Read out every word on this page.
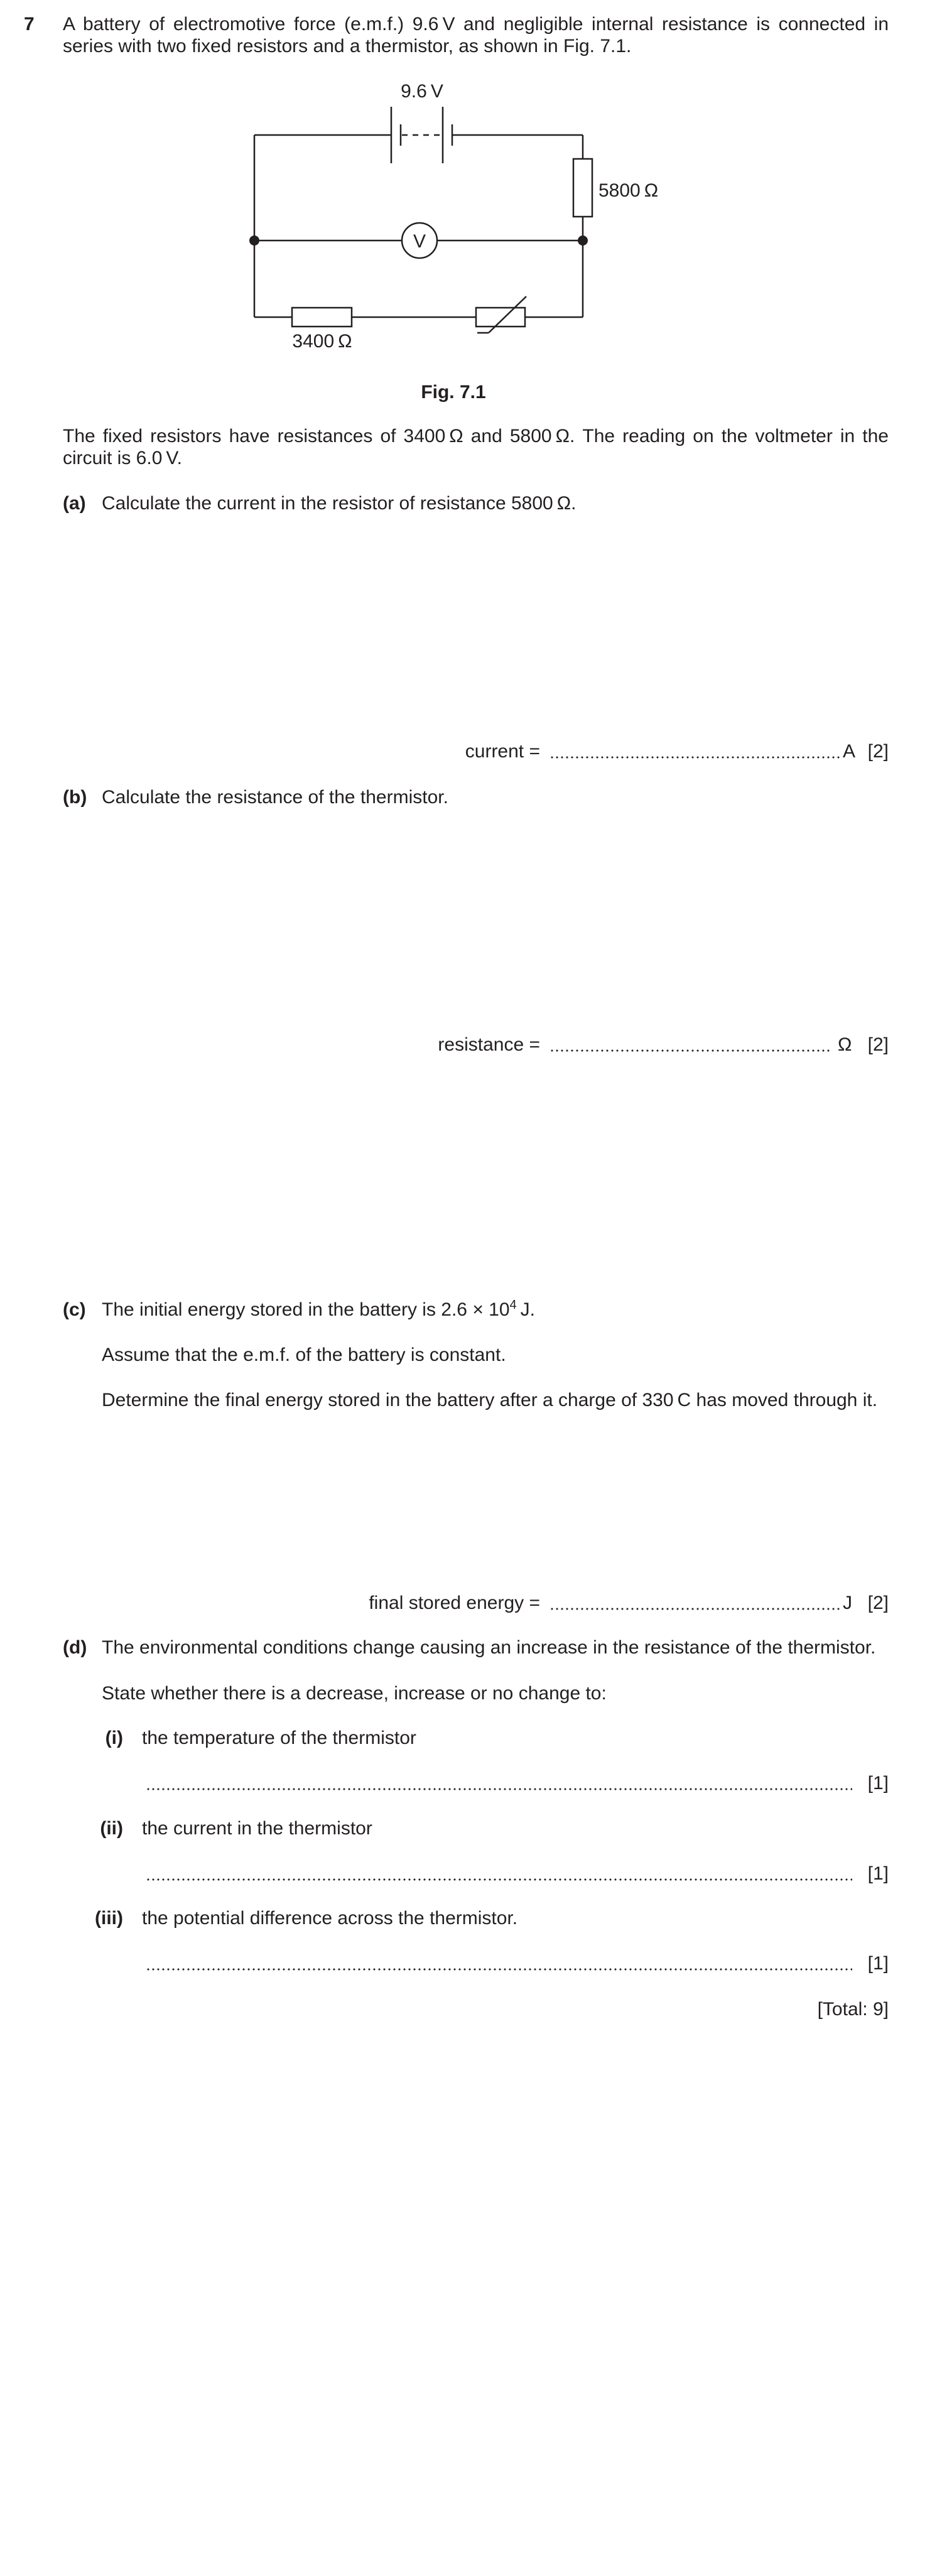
7 A battery of electromotive force (e.m.f.) 9.6 V and negligible internal resistance is connected in
series with two fixed resistors and a thermistor, as shown in Fig. 7.1.
9.6 V
5800 Ω
3400 Ω
V
Fig. 7.1
The fixed resistors have resistances of 3400 Ω and 5800 Ω. The reading on the voltmeter in the
circuit is 6.0 V.
(a) Calculate the current in the resistor of resistance 5800 Ω.
current =	A [2]
(b) Calculate the resistance of the thermistor.
resistance =	Ω [2]
(c) The initial energy stored in the battery is $2.6 \times 10^4$ J.
Assume that the e.m.f. of the battery is constant.
Determine the final energy stored in the battery after a charge of 330 C has moved through it.
final stored energy =	J [2]
(d) The environmental conditions change causing an increase in the resistance of the thermistor.
State whether there is a decrease, increase or no change to:
(i) the temperature of the thermistor
[1]
(ii) the current in the thermistor
[1]
(iii) the potential difference across the thermistor.
[1]
[Total: 9]
